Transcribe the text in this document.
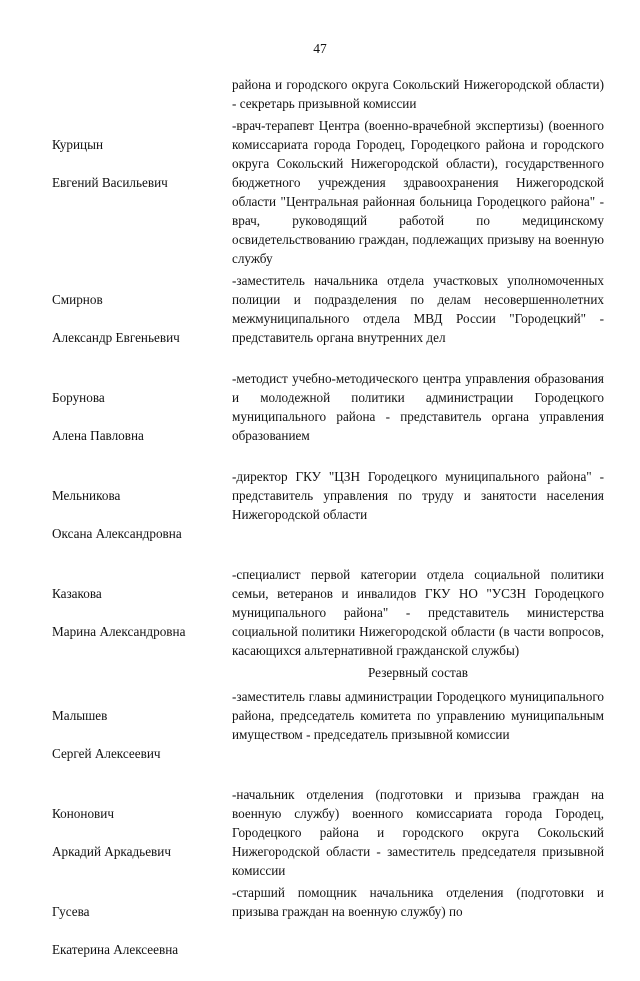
47
района и городского округа Сокольский Нижегородской области) - секретарь призывной комиссии

Курицын

Евгений Васильевич

-врач-терапевт Центра (военно-врачебной экспертизы) (военного комиссариата города Городец, Городецкого района и городского округа Сокольский Нижегородской области), государственного бюджетного учреждения здравоохранения Нижегородской области "Центральная районная больница Городецкого района" - врач, руководящий работой по медицинскому освидетельствованию граждан, подлежащих призыву на военную службу

Смирнов

Александр Евгеньевич

-заместитель начальника отдела участковых уполномоченных полиции и подразделения по делам несовершеннолетних межмуниципального отдела МВД России "Городецкий" - представитель органа внутренних дел

Борунова

Алена Павловна

-методист учебно-методического центра управления образования и молодежной политики администрации Городецкого муниципального района - представитель органа управления образованием

Мельникова

Оксана Александровна

-директор ГКУ "ЦЗН Городецкого муниципального района" - представитель управления по труду и занятости населения Нижегородской области

Казакова

Марина Александровна

-специалист первой категории отдела социальной политики семьи, ветеранов и инвалидов ГКУ НО "УСЗН Городецкого муниципального района" - представитель министерства социальной политики Нижегородской области (в части вопросов, касающихся альтернативной гражданской службы)
Резервный состав

Малышев

Сергей Алексеевич

-заместитель главы администрации Городецкого муниципального района, председатель комитета по управлению муниципальным имуществом - председатель призывной комиссии

Кононович

Аркадий Аркадьевич

-начальник отделения (подготовки и призыва граждан на военную службу) военного комиссариата города Городец, Городецкого района и городского округа Сокольский Нижегородской области - заместитель председателя призывной комиссии

Гусева

Екатерина Алексеевна

-старший помощник начальника отделения (подготовки и призыва граждан на военную службу) по
